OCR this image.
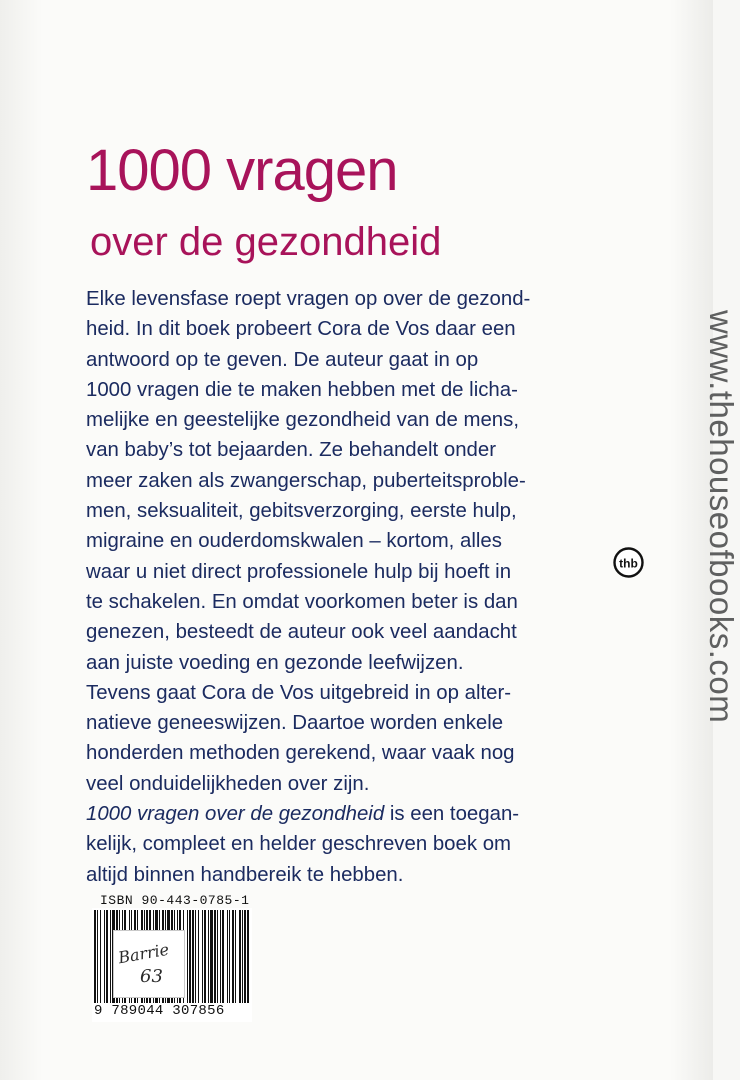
1000 vragen
over de gezondheid

Elke levensfase roept vragen op over de gezond-

heid. In dit boek probeert Cora de Vos daar een

antwoord op te geven. De auteur gaat in op

1000 vragen die te maken hebben met de licha-

melijke en geestelijke gezondheid van de mens,

van baby’s tot bejaarden. Ze behandelt onder

meer zaken als zwangerschap, puberteitsproble-

men, seksualiteit, gebitsverzorging, eerste hulp,

migraine en ouderdomskwalen – kortom, alles

waar u niet direct professionele hulp bij hoeft in

te schakelen. En omdat voorkomen beter is dan

genezen, besteedt de auteur ook veel aandacht

aan juiste voeding en gezonde leefwijzen.

Tevens gaat Cora de Vos uitgebreid in op alter-

natieve geneeswijzen. Daartoe worden enkele

honderden methoden gerekend, waar vaak nog

veel onduidelijkheden over zijn.

1000 vragen over de gezondheid is een toegan-

kelijk, compleet en helder geschreven boek om

altijd binnen handbereik te hebben.

www.thehouseofbooks.com
thb
ISBN 90-443-0785-1
Barrie
63
9 789044 307856
